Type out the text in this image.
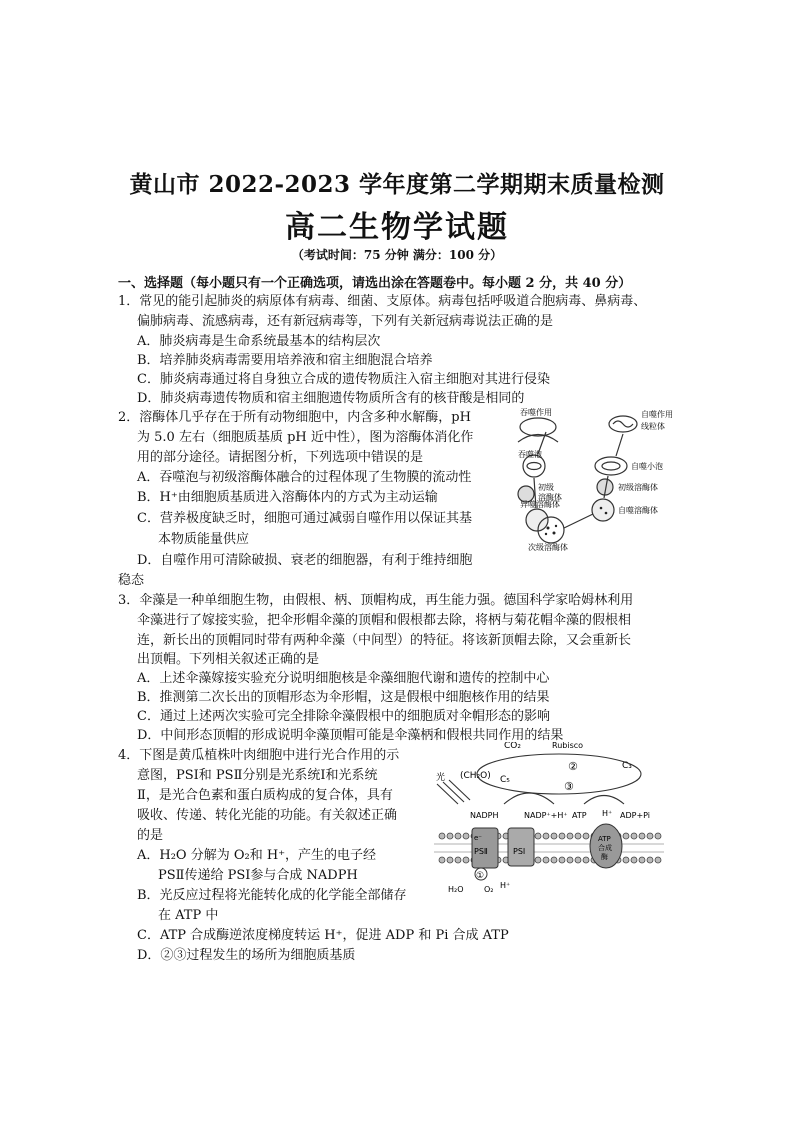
黄山市 2022-2023 学年度第二学期期末质量检测
高二生物学试题
（考试时间：75 分钟 满分：100 分）
一、选择题（每小题只有一个正确选项，请选出涂在答题卷中。每小题 2 分，共 40 分）
1．常见的能引起肺炎的病原体有病毒、细菌、支原体。病毒包括呼吸道合胞病毒、鼻病毒、
偏肺病毒、流感病毒，还有新冠病毒等，下列有关新冠病毒说法正确的是
A．肺炎病毒是生命系统最基本的结构层次
B．培养肺炎病毒需要用培养液和宿主细胞混合培养
C．肺炎病毒通过将自身独立合成的遗传物质注入宿主细胞对其进行侵染
D．肺炎病毒遗传物质和宿主细胞遗传物质所含有的核苷酸是相同的
2．溶酶体几乎存在于所有动物细胞中，内含多种水解酶，pH
为 5.0 左右（细胞质基质 pH 近中性），图为溶酶体消化作
用的部分途径。请据图分析，下列选项中错误的是
A．吞噬泡与初级溶酶体融合的过程体现了生物膜的流动性
B．H⁺由细胞质基质进入溶酶体内的方式为主动运输
C．营养极度缺乏时，细胞可通过减弱自噬作用以保证其基
本物质能量供应
D．自噬作用可清除破损、衰老的细胞器，有利于维持细胞
稳态
吞噬作用	自噬作用
线粒体
吞噬泡
初级
溶酶体
自噬小泡
异噬溶酶体
初级溶酶体
自噬溶酶体
次级溶酶体
3．伞藻是一种单细胞生物，由假根、柄、顶帽构成，再生能力强。德国科学家哈姆林利用
伞藻进行了嫁接实验，把伞形帽伞藻的顶帽和假根都去除，将柄与菊花帽伞藻的假根相
连，新长出的顶帽同时带有两种伞藻（中间型）的特征。将该新顶帽去除，又会重新长
出顶帽。下列相关叙述正确的是
A．上述伞藻嫁接实验充分说明细胞核是伞藻细胞代谢和遗传的控制中心
B．推测第二次长出的顶帽形态为伞形帽，这是假根中细胞核作用的结果
C．通过上述两次实验可完全排除伞藻假根中的细胞质对伞帽形态的影响
D．中间形态顶帽的形成说明伞藻顶帽可能是伞藻柄和假根共同作用的结果
4．下图是黄瓜植株叶肉细胞中进行光合作用的示
意图，PSⅠ和 PSⅡ分别是光系统Ⅰ和光系统
Ⅱ，是光合色素和蛋白质构成的复合体，具有
吸收、传递、转化光能的功能。有关叙述正确
的是
A．H₂O 分解为 O₂和 H⁺，产生的电子经
PSⅡ传递给 PSⅠ参与合成 NADPH
B．光反应过程将光能转化成的化学能全部储存
在 ATP 中
C．ATP 合成酶逆浓度梯度转运 H⁺，促进 ADP 和 Pi 合成 ATP
D．②③过程发生的场所为细胞质基质
CO₂	Rubisco
(CH₂O) C₅
C₃
②
③
光
NADPH	NADP⁺+H⁺ ATP H⁺ ADP+Pi
e⁻
PSⅡ	PSⅠ
ATP
合成
酶
①
H₂O	O₂ H⁺
